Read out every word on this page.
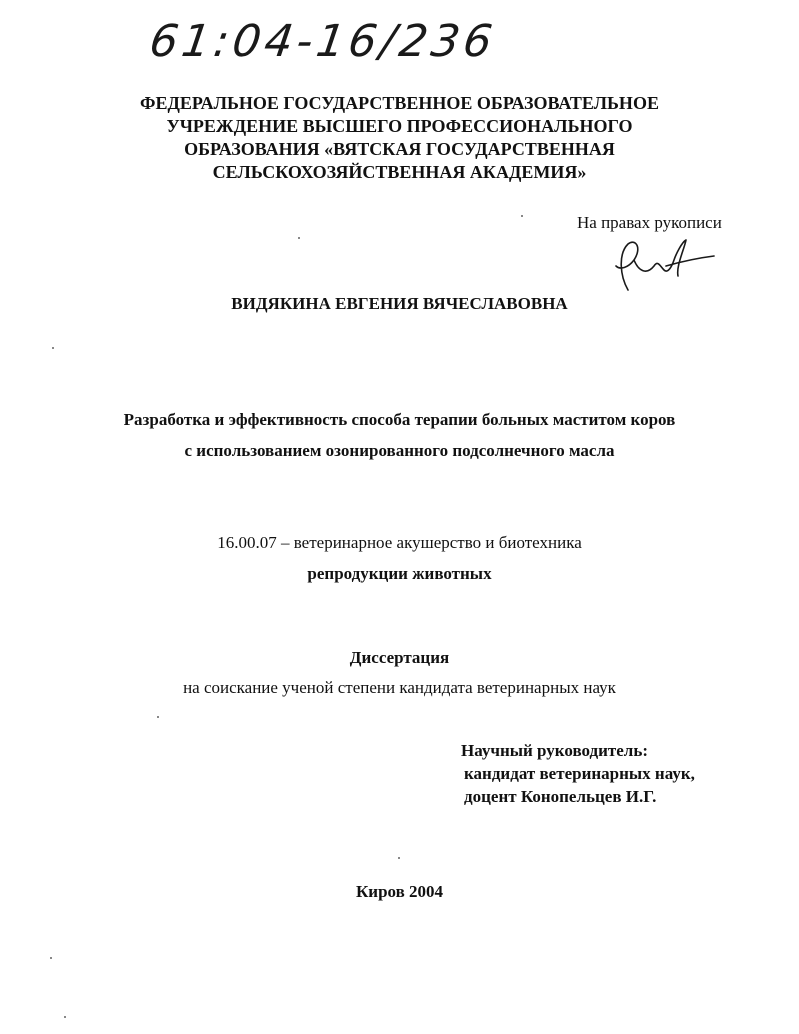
61:04-16/236
ФЕДЕРАЛЬНОЕ ГОСУДАРСТВЕННОЕ ОБРАЗОВАТЕЛЬНОЕ
УЧРЕЖДЕНИЕ ВЫСШЕГО ПРОФЕССИОНАЛЬНОГО
ОБРАЗОВАНИЯ «ВЯТСКАЯ ГОСУДАРСТВЕННАЯ
СЕЛЬСКОХОЗЯЙСТВЕННАЯ АКАДЕМИЯ»
На правах рукописи
ВИДЯКИНА ЕВГЕНИЯ ВЯЧЕСЛАВОВНА
Разработка и эффективность способа терапии больных маститом коров
с использованием озонированного подсолнечного масла
16.00.07 – ветеринарное акушерство и биотехника
репродукции животных
Диссертация
на соискание ученой степени кандидата ветеринарных наук
Научный руководитель:
кандидат ветеринарных наук,
доцент Конопельцев И.Г.
Киров 2004
